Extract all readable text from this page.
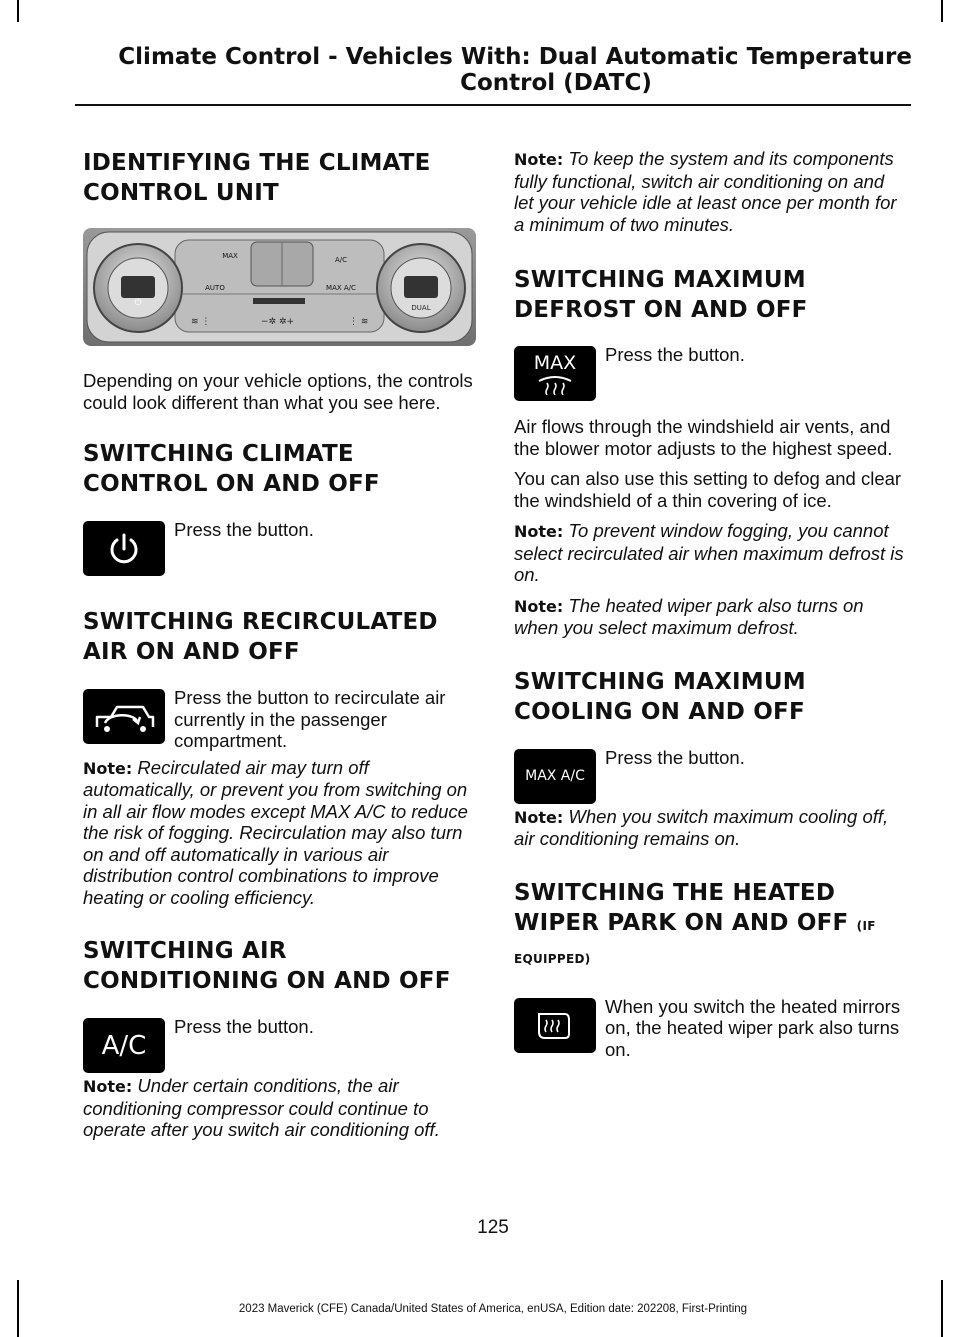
Climate Control - Vehicles With: Dual Automatic Temperature
Control (DATC)
IDENTIFYING THE CLIMATE
CONTROL UNIT
⏻	DUAL
MAX	A/C
AUTO	MAX A/C
≋ ⋮	−✲ ✲+	⋮ ≋

Depending on your vehicle options, the controls could look different than what you see here.

SWITCHING CLIMATE
CONTROL ON AND OFF

Press the button.

SWITCHING RECIRCULATED
AIR ON AND OFF

Press the button to recirculate air currently in the passenger compartment.

Note: Recirculated air may turn off automatically, or prevent you from switching on in all air flow modes except MAX A/C to reduce the risk of fogging. Recirculation may also turn on and off automatically in various air distribution control combinations to improve heating or cooling efficiency.

SWITCHING AIR
CONDITIONING ON AND OFF
A/C

Press the button.

Note: Under certain conditions, the air conditioning compressor could continue to operate after you switch air conditioning off.

Note: To keep the system and its components fully functional, switch air conditioning on and let your vehicle idle at least once per month for a minimum of two minutes.

SWITCHING MAXIMUM
DEFROST ON AND OFF
MAX Press the button.

Air flows through the windshield air vents, and the blower motor adjusts to the highest speed.

You can also use this setting to defog and clear the windshield of a thin covering of ice.

Note: To prevent window fogging, you cannot select recirculated air when maximum defrost is on.

Note: The heated wiper park also turns on when you select maximum defrost.

SWITCHING MAXIMUM
COOLING ON AND OFF
MAX A/C

Press the button.

Note: When you switch maximum cooling off, air conditioning remains on.

SWITCHING THE HEATED
WIPER PARK ON AND OFF (IF
EQUIPPED)

When you switch the heated mirrors on, the heated wiper park also turns on.

125
2023 Maverick (CFE) Canada/United States of America, enUSA, Edition date: 202208, First-Printing
